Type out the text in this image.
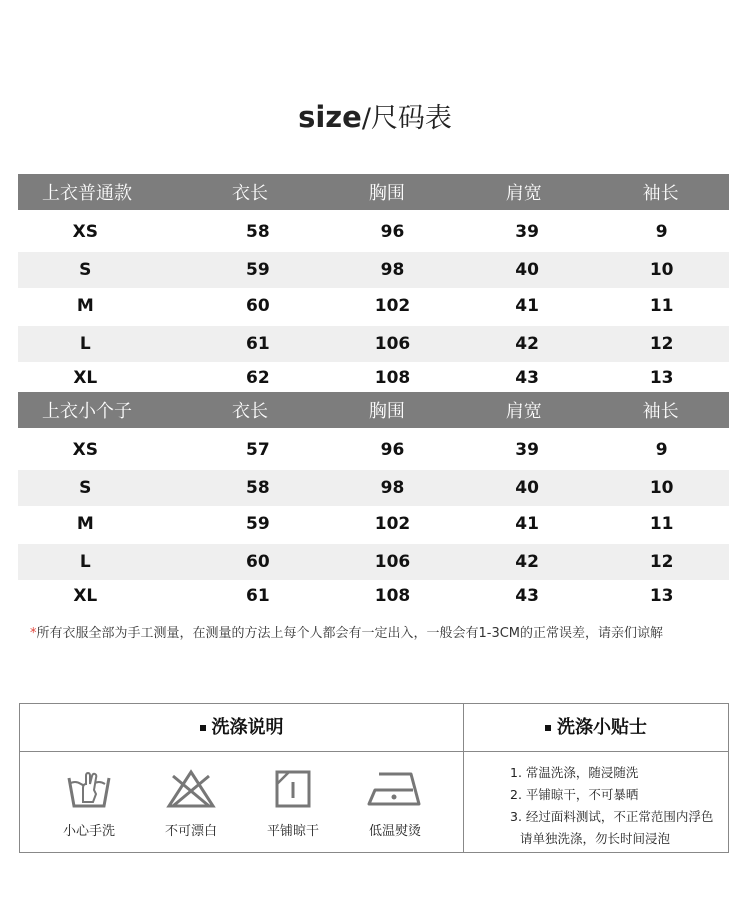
size/尺码表
上衣普通款	衣长	胸围	肩宽	袖长
XS	58	96	39	9
S	59	98	40	10
M	60	102	41	11
L	61	106	42	12
XL	62	108	43	13
上衣小个子	衣长	胸围	肩宽	袖长
XS	57	96	39	9
S	58	98	40	10
M	59	102	41	11
L	60	106	42	12
XL	61	108	43	13
*所有衣服全部为手工测量，在测量的方法上每个人都会有一定出入，一般会有1-3CM的正常误差，请亲们谅解
洗涤说明	洗涤小贴士
小心手洗	不可漂白	平铺晾干	低温熨烫
1. 常温洗涤，随浸随洗
2. 平铺晾干，不可暴晒
3. 经过面料测试，不正常范围内浮色
请单独洗涤，勿长时间浸泡
